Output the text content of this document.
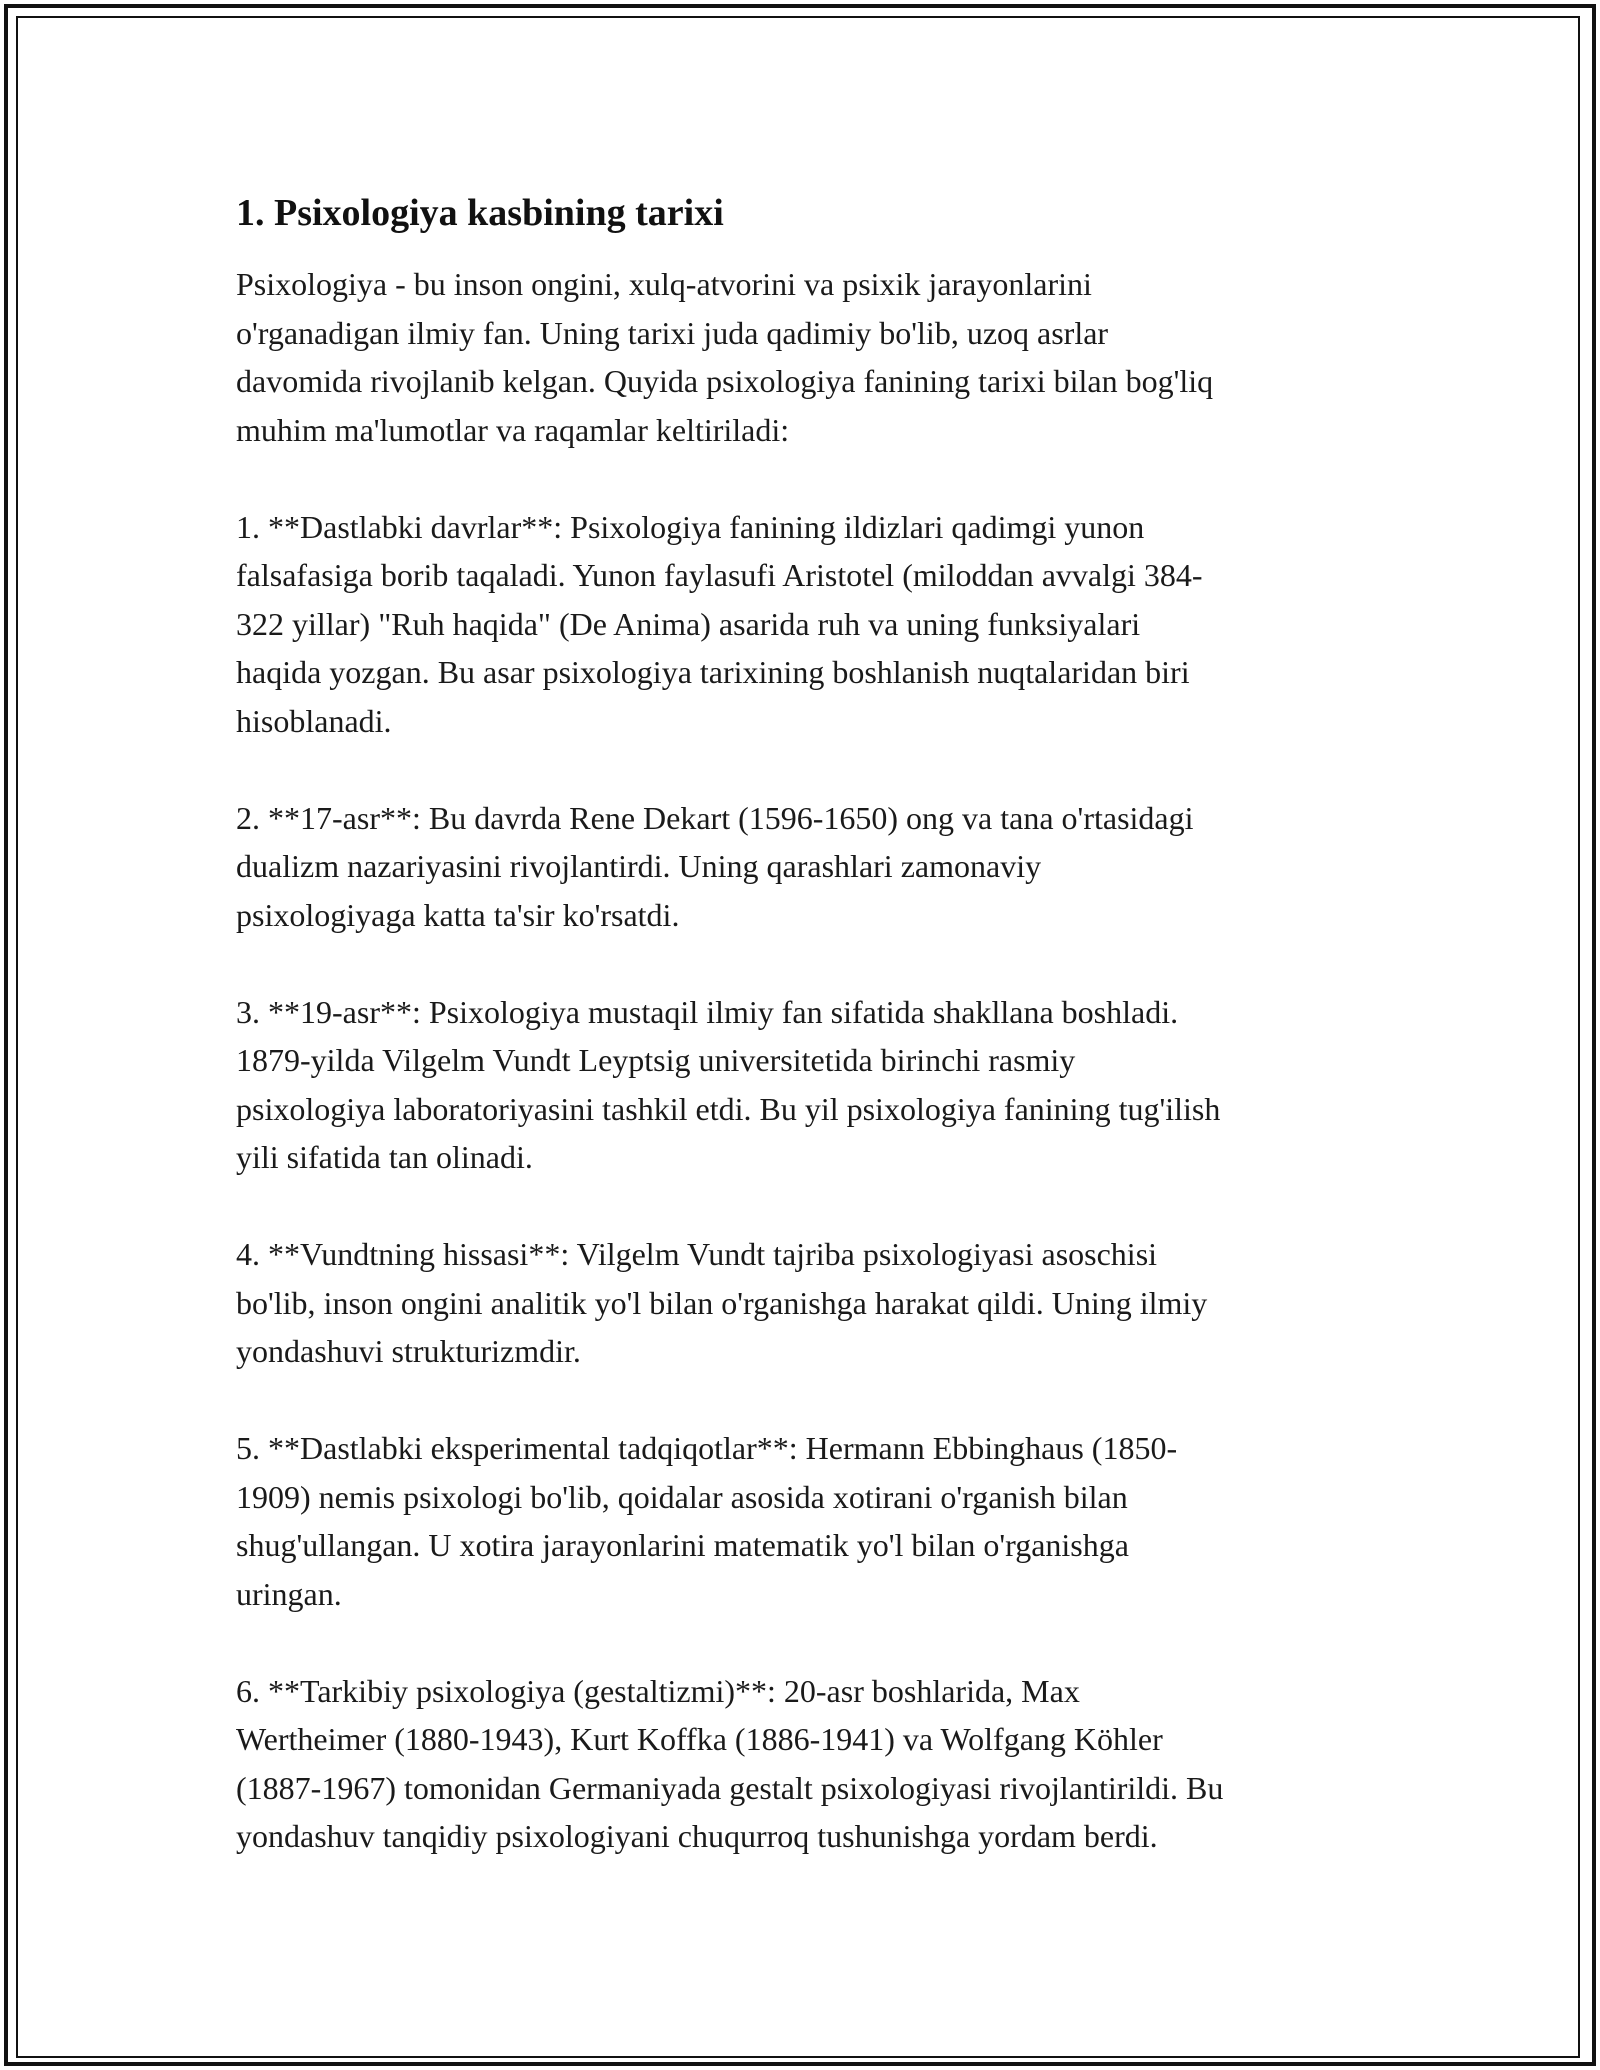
1. Psixologiya kasbining tarixi

Psixologiya - bu inson ongini, xulq-atvorini va psixik jarayonlarini
o'rganadigan ilmiy fan. Uning tarixi juda qadimiy bo'lib, uzoq asrlar
davomida rivojlanib kelgan. Quyida psixologiya fanining tarixi bilan bog'liq
muhim ma'lumotlar va raqamlar keltiriladi:

1. **Dastlabki davrlar**: Psixologiya fanining ildizlari qadimgi yunon
falsafasiga borib taqaladi. Yunon faylasufi Aristotel (miloddan avvalgi 384-
322 yillar) "Ruh haqida" (De Anima) asarida ruh va uning funksiyalari
haqida yozgan. Bu asar psixologiya tarixining boshlanish nuqtalaridan biri
hisoblanadi.

2. **17-asr**: Bu davrda Rene Dekart (1596-1650) ong va tana o'rtasidagi
dualizm nazariyasini rivojlantirdi. Uning qarashlari zamonaviy
psixologiyaga katta ta'sir ko'rsatdi.

3. **19-asr**: Psixologiya mustaqil ilmiy fan sifatida shakllana boshladi.
1879-yilda Vilgelm Vundt Leyptsig universitetida birinchi rasmiy
psixologiya laboratoriyasini tashkil etdi. Bu yil psixologiya fanining tug'ilish
yili sifatida tan olinadi.

4. **Vundtning hissasi**: Vilgelm Vundt tajriba psixologiyasi asoschisi
bo'lib, inson ongini analitik yo'l bilan o'rganishga harakat qildi. Uning ilmiy
yondashuvi strukturizmdir.

5. **Dastlabki eksperimental tadqiqotlar**: Hermann Ebbinghaus (1850-
1909) nemis psixologi bo'lib, qoidalar asosida xotirani o'rganish bilan
shug'ullangan. U xotira jarayonlarini matematik yo'l bilan o'rganishga
uringan.

6. **Tarkibiy psixologiya (gestaltizmi)**: 20-asr boshlarida, Max
Wertheimer (1880-1943), Kurt Koffka (1886-1941) va Wolfgang Köhler
(1887-1967) tomonidan Germaniyada gestalt psixologiyasi rivojlantirildi. Bu
yondashuv tanqidiy psixologiyani chuqurroq tushunishga yordam berdi.
